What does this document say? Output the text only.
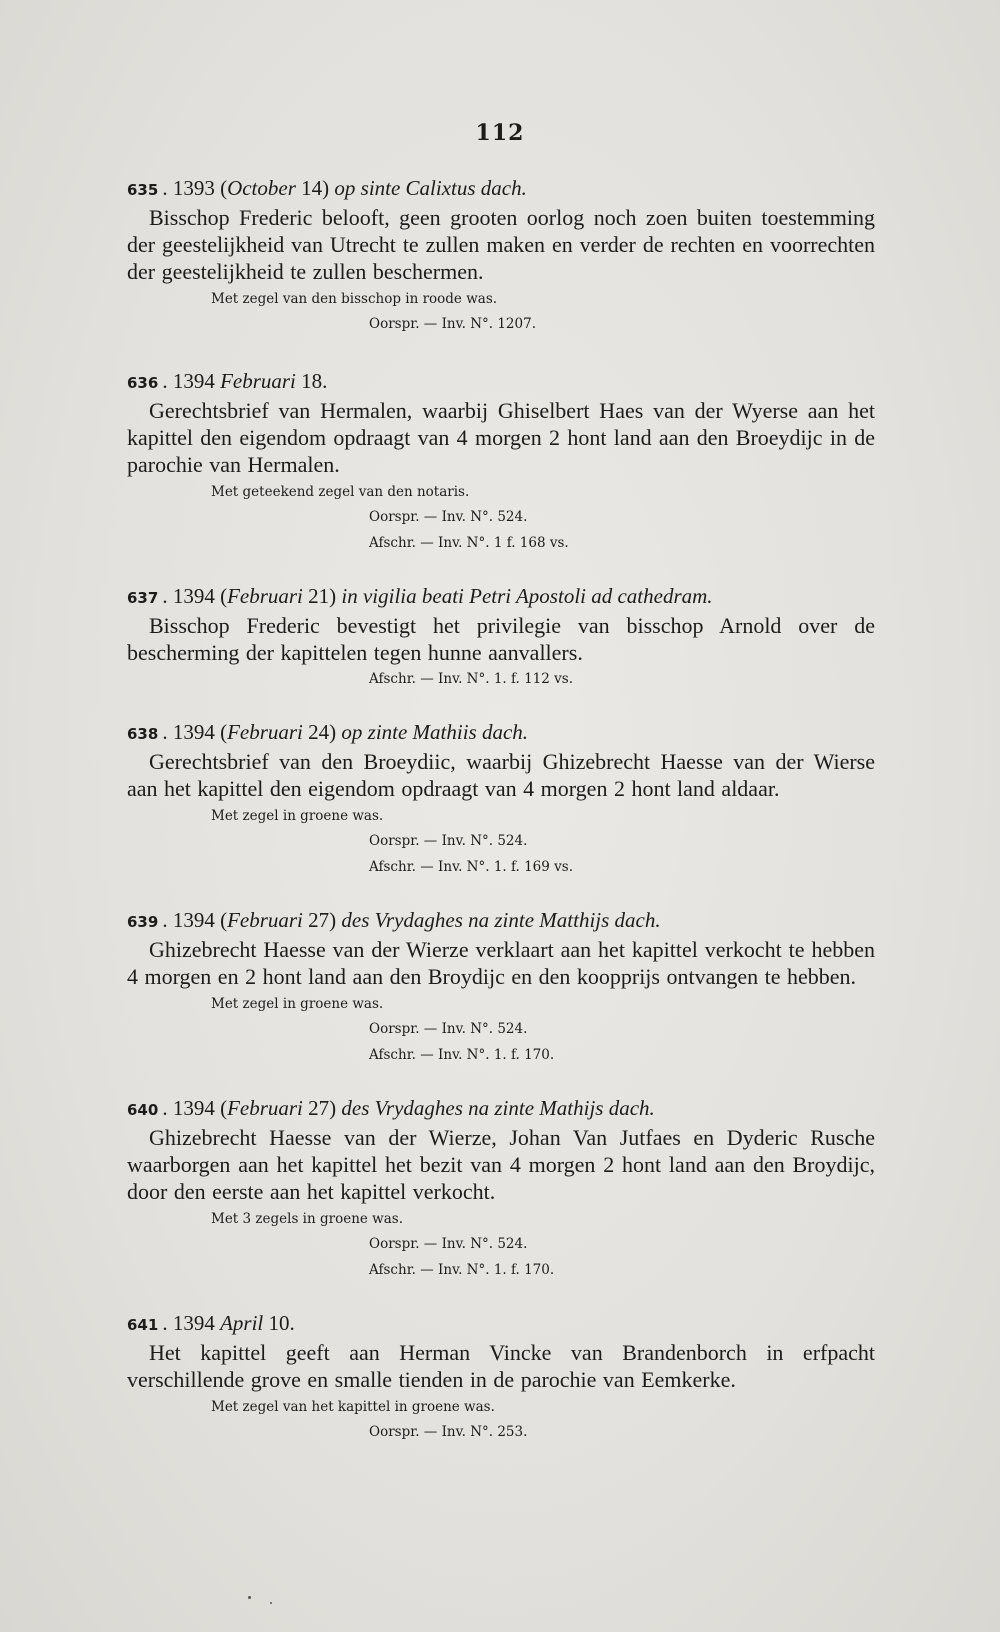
112

635 . 1393 (October 14) op sinte Calixtus dach.

Bisschop Frederic belooft, geen grooten oorlog noch zoen buiten toestemming der geestelijkheid van Utrecht te zullen maken en verder de rechten en voorrechten der geestelijkheid te zullen beschermen.

Met zegel van den bisschop in roode was.
Oorspr. — Inv. N°. 1207.

636 . 1394 Februari 18.

Gerechtsbrief van Hermalen, waarbij Ghiselbert Haes van der Wyerse aan het kapittel den eigendom opdraagt van 4 morgen 2 hont land aan den Broeydijc in de parochie van Hermalen.

Met geteekend zegel van den notaris.
Oorspr. — Inv. N°. 524.
Afschr. — Inv. N°. 1 f. 168 vs.

637 . 1394 (Februari 21) in vigilia beati Petri Apostoli ad cathedram.

Bisschop Frederic bevestigt het privilegie van bisschop Arnold over de bescherming der kapittelen tegen hunne aanvallers.

Afschr. — Inv. N°. 1. f. 112 vs.

638 . 1394 (Februari 24) op zinte Mathiis dach.

Gerechtsbrief van den Broeydiic, waarbij Ghizebrecht Haesse van der Wierse aan het kapittel den eigendom opdraagt van 4 morgen 2 hont land aldaar.

Met zegel in groene was.
Oorspr. — Inv. N°. 524.
Afschr. — Inv. N°. 1. f. 169 vs.

639 . 1394 (Februari 27) des Vrydaghes na zinte Matthijs dach.

Ghizebrecht Haesse van der Wierze verklaart aan het kapittel verkocht te hebben 4 morgen en 2 hont land aan den Broydijc en den koopprijs ontvangen te hebben.

Met zegel in groene was.
Oorspr. — Inv. N°. 524.
Afschr. — Inv. N°. 1. f. 170.

640 . 1394 (Februari 27) des Vrydaghes na zinte Mathijs dach.

Ghizebrecht Haesse van der Wierze, Johan Van Jutfaes en Dyderic Rusche waarborgen aan het kapittel het bezit van 4 morgen 2 hont land aan den Broydijc, door den eerste aan het kapittel verkocht.

Met 3 zegels in groene was.
Oorspr. — Inv. N°. 524.
Afschr. — Inv. N°. 1. f. 170.

641 . 1394 April 10.

Het kapittel geeft aan Herman Vincke van Brandenborch in erfpacht verschillende grove en smalle tienden in de parochie van Eemkerke.

Met zegel van het kapittel in groene was.
Oorspr. — Inv. N°. 253.
